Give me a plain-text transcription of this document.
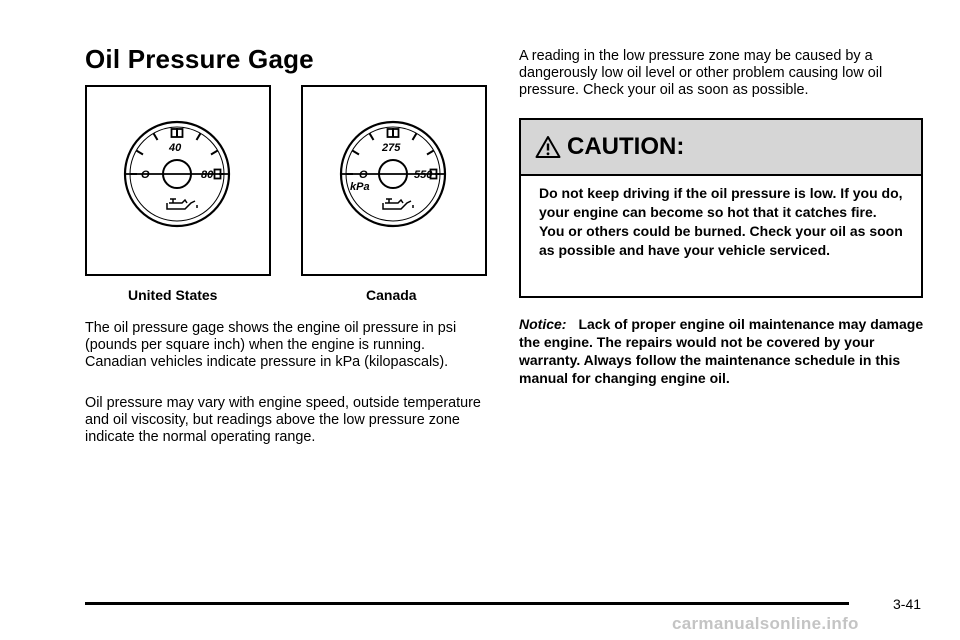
Oil Pressure Gage
O
40
80
United States
O
275
550
kPa
Canada

The oil pressure gage shows the engine oil pressure in psi (pounds per square inch) when the engine is running. Canadian vehicles indicate pressure in kPa (kilopascals).

Oil pressure may vary with engine speed, outside temperature and oil viscosity, but readings above the low pressure zone indicate the normal operating range.

A reading in the low pressure zone may be caused by a dangerously low oil level or other problem causing low oil pressure. Check your oil as soon as possible.

CAUTION:
Do not keep driving if the oil pressure is low. If you do, your engine can become so hot that it catches fire. You or others could be burned. Check your oil as soon as possible and have your vehicle serviced.

Notice: Lack of proper engine oil maintenance may damage the engine. The repairs would not be covered by your warranty. Always follow the maintenance schedule in this manual for changing engine oil.

3-41
carmanualsonline.info
